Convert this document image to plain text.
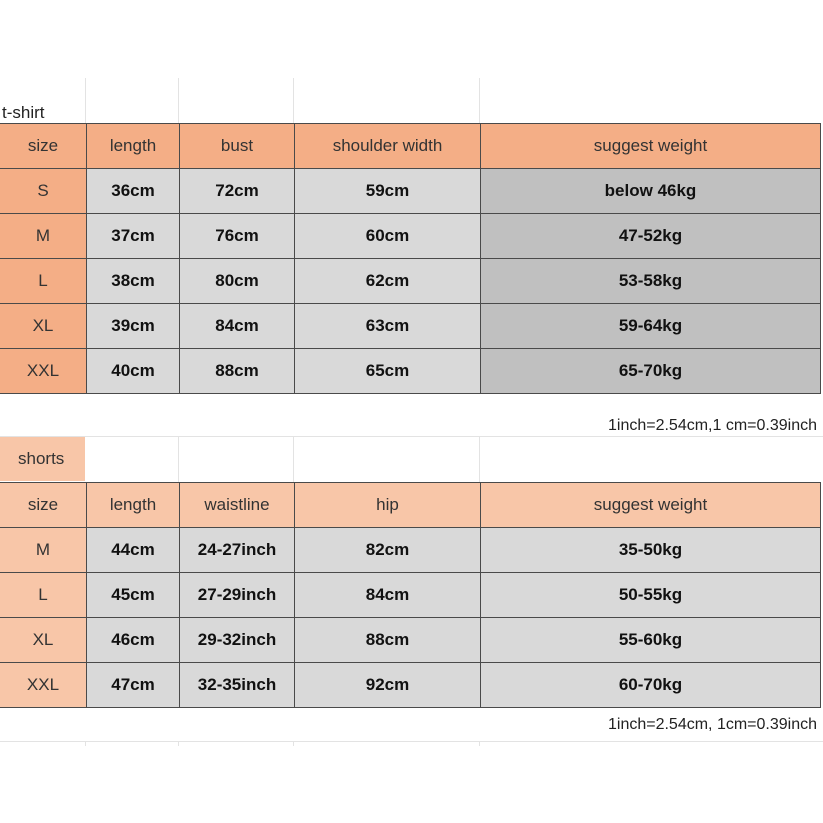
t-shirt
size	length	bust	shoulder width	suggest weight
S	36cm	72cm	59cm	below 46kg
M	37cm	76cm	60cm	47-52kg
L	38cm	80cm	62cm	53-58kg
XL	39cm	84cm	63cm	59-64kg
XXL	40cm	88cm	65cm	65-70kg
1inch=2.54cm,1 cm=0.39inch
shorts
size	length	waistline	hip	suggest weight
M	44cm	24-27inch	82cm	35-50kg
L	45cm	27-29inch	84cm	50-55kg
XL	46cm	29-32inch	88cm	55-60kg
XXL	47cm	32-35inch	92cm	60-70kg
1inch=2.54cm, 1cm=0.39inch
